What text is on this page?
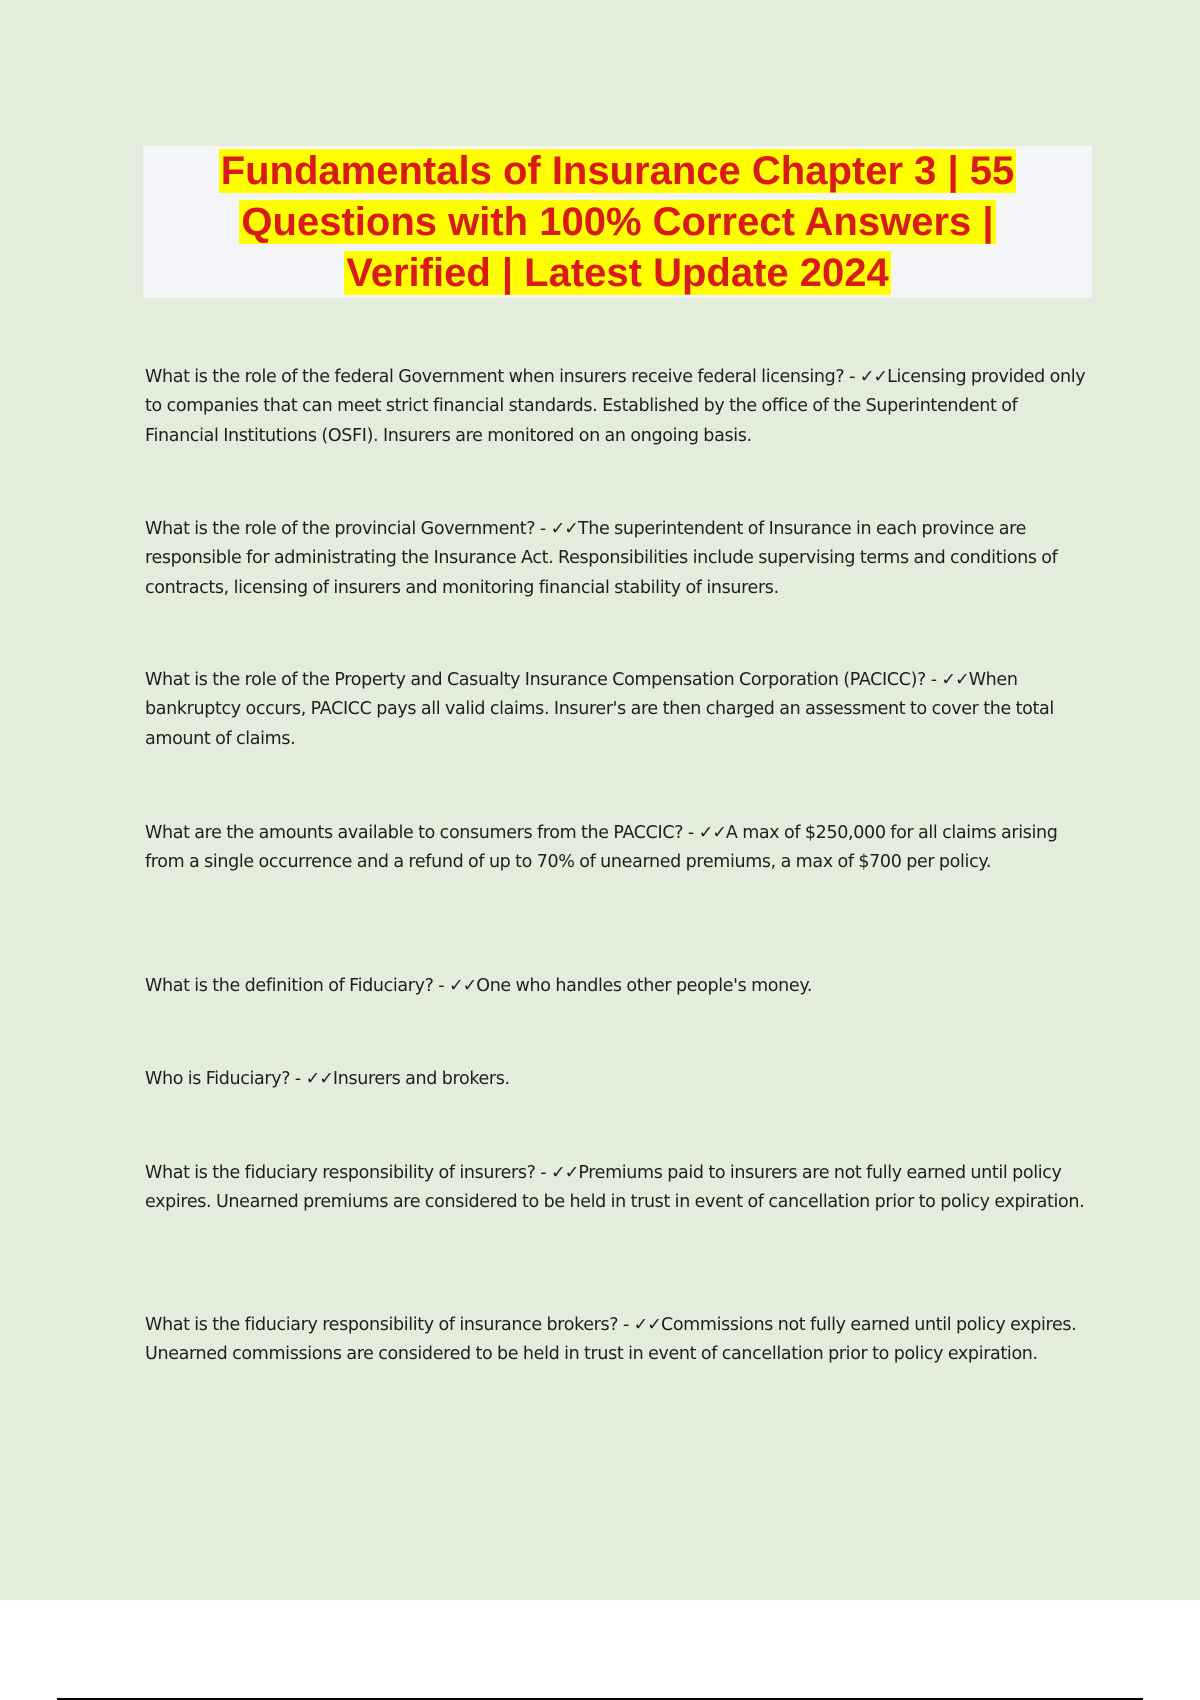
Fundamentals of Insurance Chapter 3 | 55
Questions with 100% Correct Answers |
Verified | Latest Update 2024

What is the role of the federal Government when insurers receive federal licensing? - ✓✓Licensing provided only to companies that can meet strict financial standards. Established by the office of the Superintendent of Financial Institutions (OSFI). Insurers are monitored on an ongoing basis.

What is the role of the provincial Government? - ✓✓The superintendent of Insurance in each province are responsible for administrating the Insurance Act. Responsibilities include supervising terms and conditions of contracts, licensing of insurers and monitoring financial stability of insurers.

What is the role of the Property and Casualty Insurance Compensation Corporation (PACICC)? - ✓✓When bankruptcy occurs, PACICC pays all valid claims. Insurer's are then charged an assessment to cover the total amount of claims.

What are the amounts available to consumers from the PACCIC? - ✓✓A max of $250,000 for all claims arising from a single occurrence and a refund of up to 70% of unearned premiums, a max of $700 per policy.

What is the definition of Fiduciary? - ✓✓One who handles other people's money.

Who is Fiduciary? - ✓✓Insurers and brokers.

What is the fiduciary responsibility of insurers? - ✓✓Premiums paid to insurers are not fully earned until policy expires. Unearned premiums are considered to be held in trust in event of cancellation prior to policy expiration.

What is the fiduciary responsibility of insurance brokers? - ✓✓Commissions not fully earned until policy expires. Unearned commissions are considered to be held in trust in event of cancellation prior to policy expiration.
